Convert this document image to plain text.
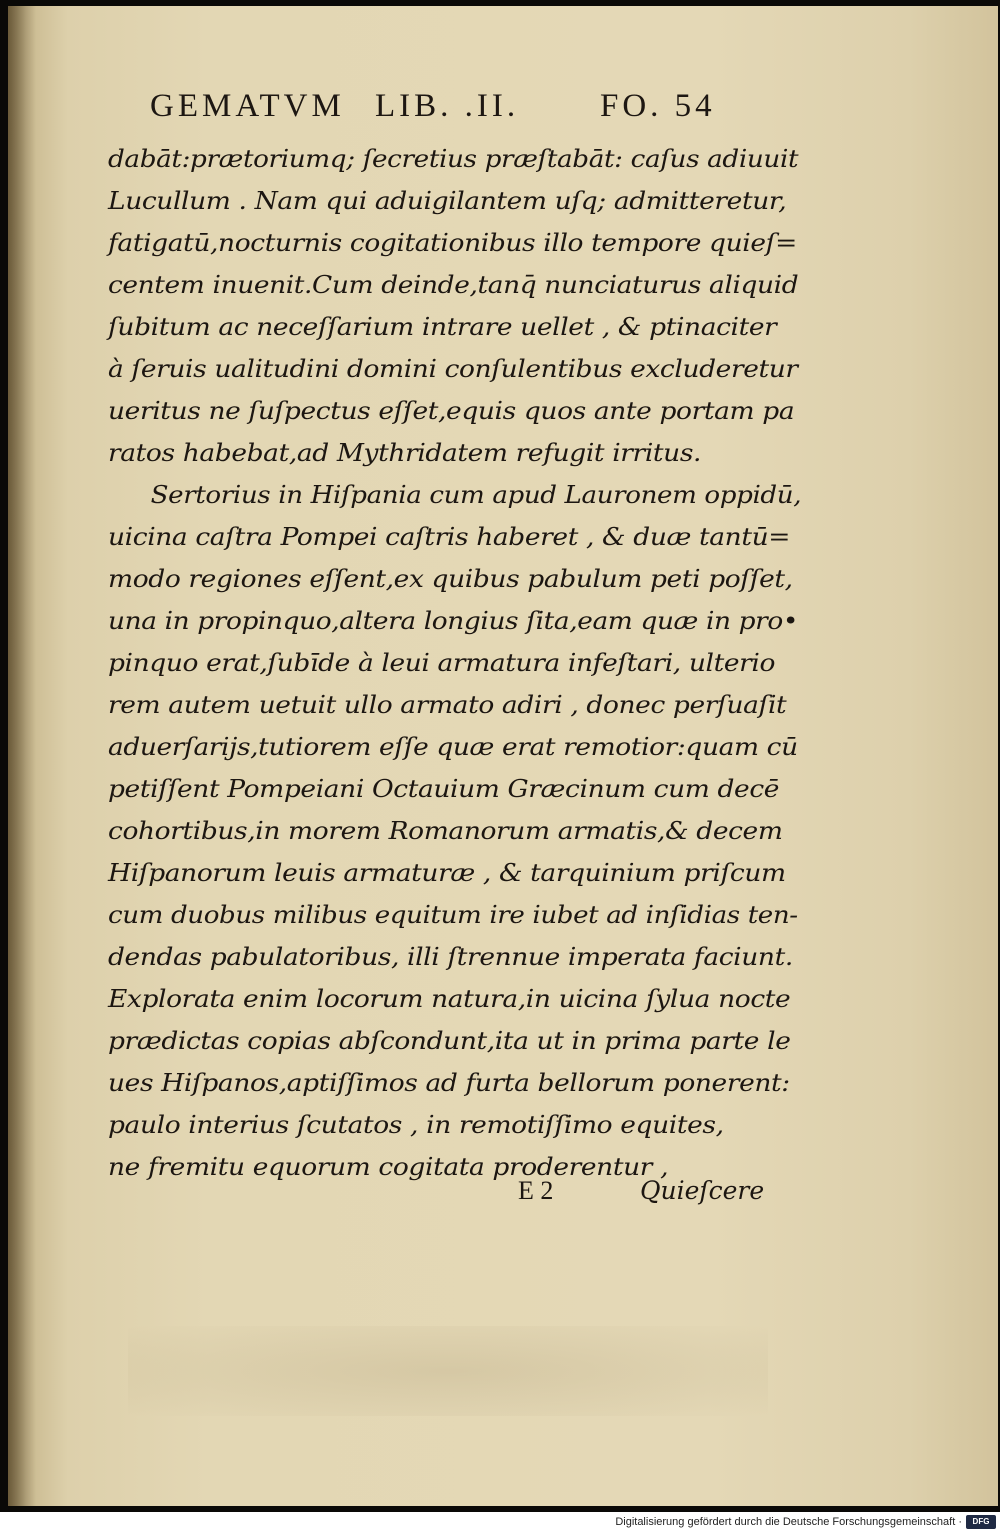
GEMATVM LIB. .II. FO. 54
dabāt:prætoriumq; ſecretius præſtabāt: caſus adiuuit
Lucullum . Nam qui aduigilantem uſq; admitteretur,
fatigatū,nocturnis cogitationibus illo tempore quieſ=
centem inuenit.Cum deinde,tanq̄ nunciaturus aliquid
ſubitum ac neceſſarium intrare uellet , & ptinaciter
à ſeruis ualitudini domini conſulentibus excluderetur
ueritus ne ſuſpectus eſſet,equis quos ante portam pa
ratos habebat,ad Mythridatem refugit irritus.
Sertorius in Hiſpania cum apud Lauronem oppidū,
uicina caſtra Pompei caſtris haberet , & duæ tantū=
modo regiones eſſent,ex quibus pabulum peti poſſet,
una in propinquo,altera longius ſita,eam quæ in pro•
pinquo erat,ſubīde à leui armatura infeſtari, ulterio
rem autem uetuit ullo armato adiri , donec perſuaſit
aduerſarijs,tutiorem eſſe quæ erat remotior:quam cū
petiſſent Pompeiani Octauium Græcinum cum decē
cohortibus,in morem Romanorum armatis,& decem
Hiſpanorum leuis armaturæ , & tarquinium priſcum
cum duobus milibus equitum ire iubet ad inſidias ten-
dendas pabulatoribus, illi ſtrennue imperata faciunt.
Explorata enim locorum natura,in uicina ſylua nocte
prædictas copias abſcondunt,ita ut in prima parte le
ues Hiſpanos,aptiſſimos ad furta bellorum ponerent:
paulo interius ſcutatos , in remotiſſimo equites,
ne fremitu equorum cogitata proderentur ,
E 2	Quieſcere
Digitalisierung gefördert durch die Deutsche Forschungsgemeinschaft ·	DFG
